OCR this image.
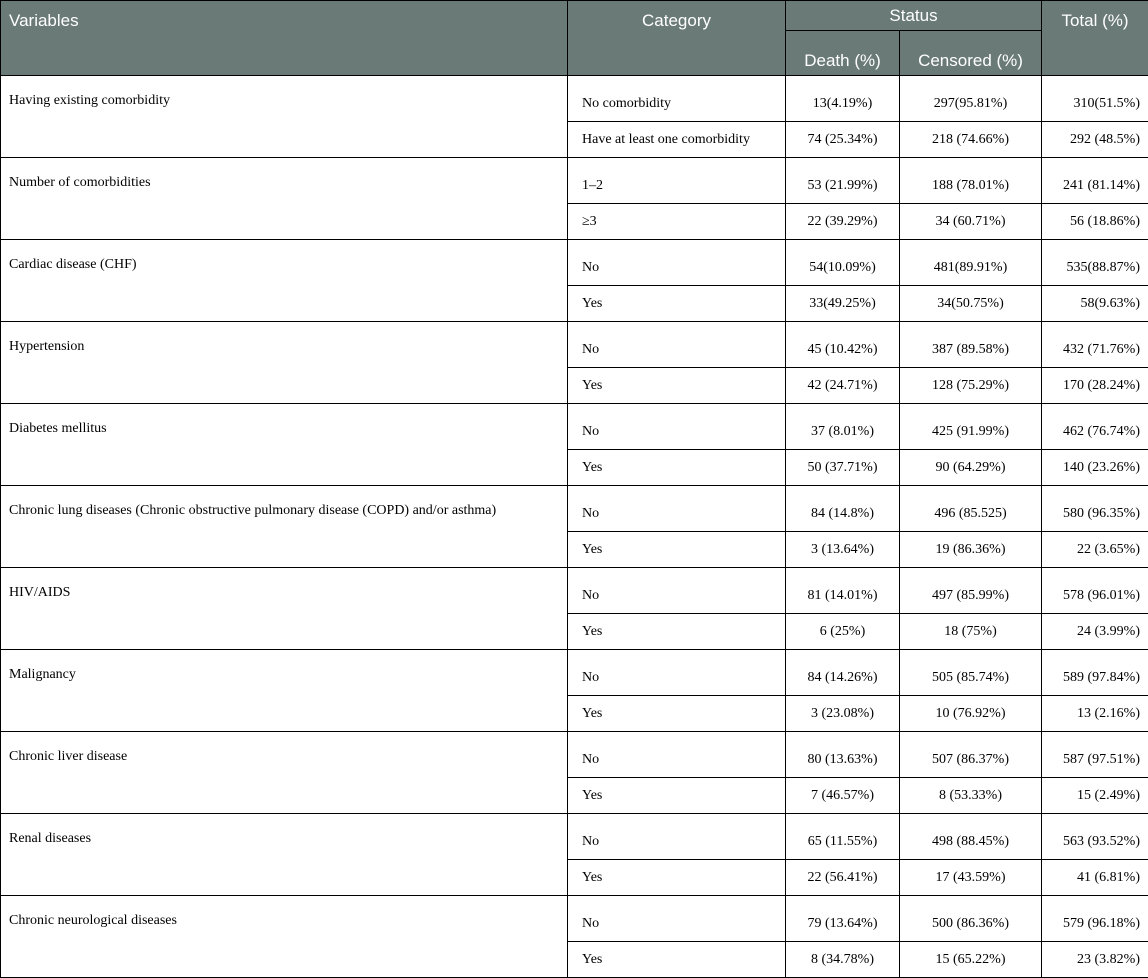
Variables	Category	Status		Total (%)
		Death (%)	Censored (%)	
Having existing comorbidity	No comorbidity	13(4.19%)	297(95.81%)	310(51.5%)
	Have at least one comorbidity	74 (25.34%)	218 (74.66%)	292 (48.5%)
Number of comorbidities	1–2	53 (21.99%)	188 (78.01%)	241 (81.14%)
	≥3	22 (39.29%)	34 (60.71%)	56 (18.86%)
Cardiac disease (CHF)	No	54(10.09%)	481(89.91%)	535(88.87%)
	Yes	33(49.25%)	34(50.75%)	58(9.63%)
Hypertension	No	45 (10.42%)	387 (89.58%)	432 (71.76%)
	Yes	42 (24.71%)	128 (75.29%)	170 (28.24%)
Diabetes mellitus	No	37 (8.01%)	425 (91.99%)	462 (76.74%)
	Yes	50 (37.71%)	90 (64.29%)	140 (23.26%)
Chronic lung diseases (Chronic obstructive pulmonary disease (COPD) and/or asthma)	No	84 (14.8%)	496 (85.525)	580 (96.35%)
	Yes	3 (13.64%)	19 (86.36%)	22 (3.65%)
HIV/AIDS	No	81 (14.01%)	497 (85.99%)	578 (96.01%)
	Yes	6 (25%)	18 (75%)	24 (3.99%)
Malignancy	No	84 (14.26%)	505 (85.74%)	589 (97.84%)
	Yes	3 (23.08%)	10 (76.92%)	13 (2.16%)
Chronic liver disease	No	80 (13.63%)	507 (86.37%)	587 (97.51%)
	Yes	7 (46.57%)	8 (53.33%)	15 (2.49%)
Renal diseases	No	65 (11.55%)	498 (88.45%)	563 (93.52%)
	Yes	22 (56.41%)	17 (43.59%)	41 (6.81%)
Chronic neurological diseases	No	79 (13.64%)	500 (86.36%)	579 (96.18%)
	Yes	8 (34.78%)	15 (65.22%)	23 (3.82%)
